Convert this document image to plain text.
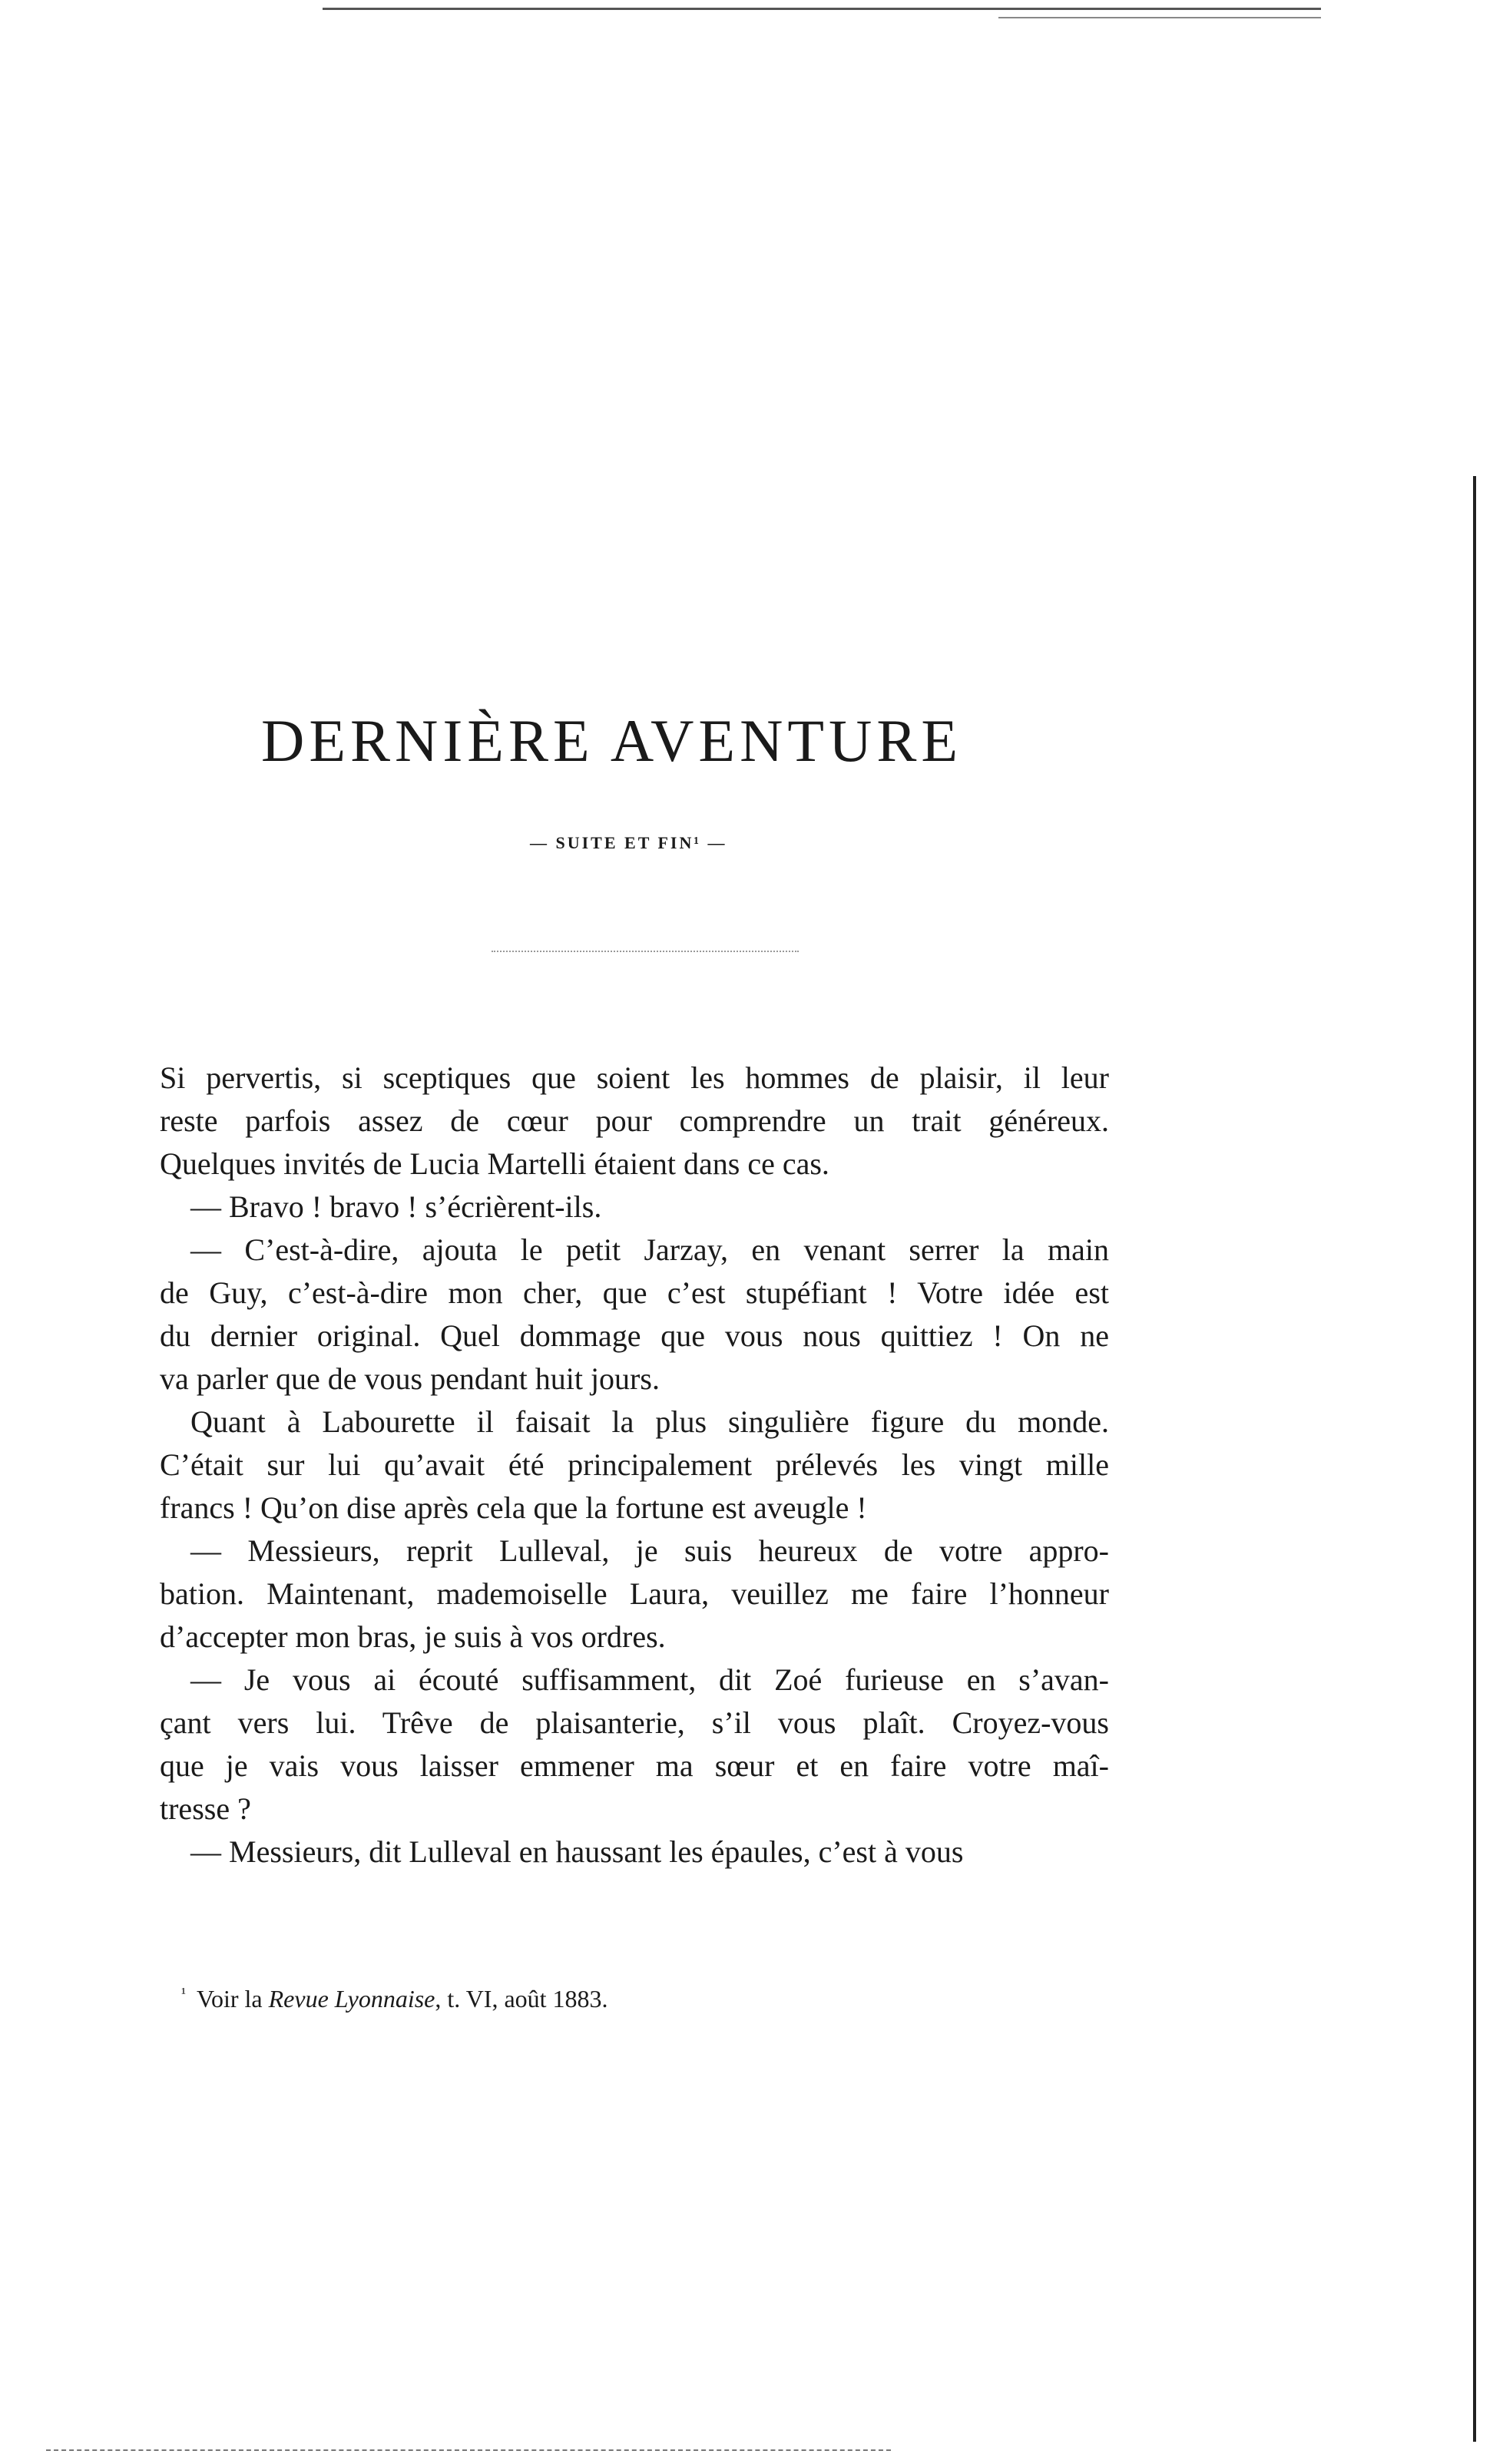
DERNIÈRE AVENTURE
— SUITE ET FIN¹ —
Si pervertis, si sceptiques que soient les hommes de plaisir, il leur
reste parfois assez de cœur pour comprendre un trait généreux.
Quelques invités de Lucia Martelli étaient dans ce cas.
— Bravo ! bravo ! s’écrièrent-ils.
— C’est-à-dire, ajouta le petit Jarzay, en venant serrer la main
de Guy, c’est-à-dire mon cher, que c’est stupéfiant ! Votre idée est
du dernier original. Quel dommage que vous nous quittiez ! On ne
va parler que de vous pendant huit jours.
Quant à Labourette il faisait la plus singulière figure du monde.
C’était sur lui qu’avait été principalement prélevés les vingt mille
francs ! Qu’on dise après cela que la fortune est aveugle !
— Messieurs, reprit Lulleval, je suis heureux de votre appro-
bation. Maintenant, mademoiselle Laura, veuillez me faire l’honneur
d’accepter mon bras, je suis à vos ordres.
— Je vous ai écouté suffisamment, dit Zoé furieuse en s’avan-
çant vers lui. Trêve de plaisanterie, s’il vous plaît. Croyez-vous
que je vais vous laisser emmener ma sœur et en faire votre maî-
tresse ?
— Messieurs, dit Lulleval en haussant les épaules, c’est à vous
$^{^1}$ Voir la Revue Lyonnaise, t. VI, août 1883.
